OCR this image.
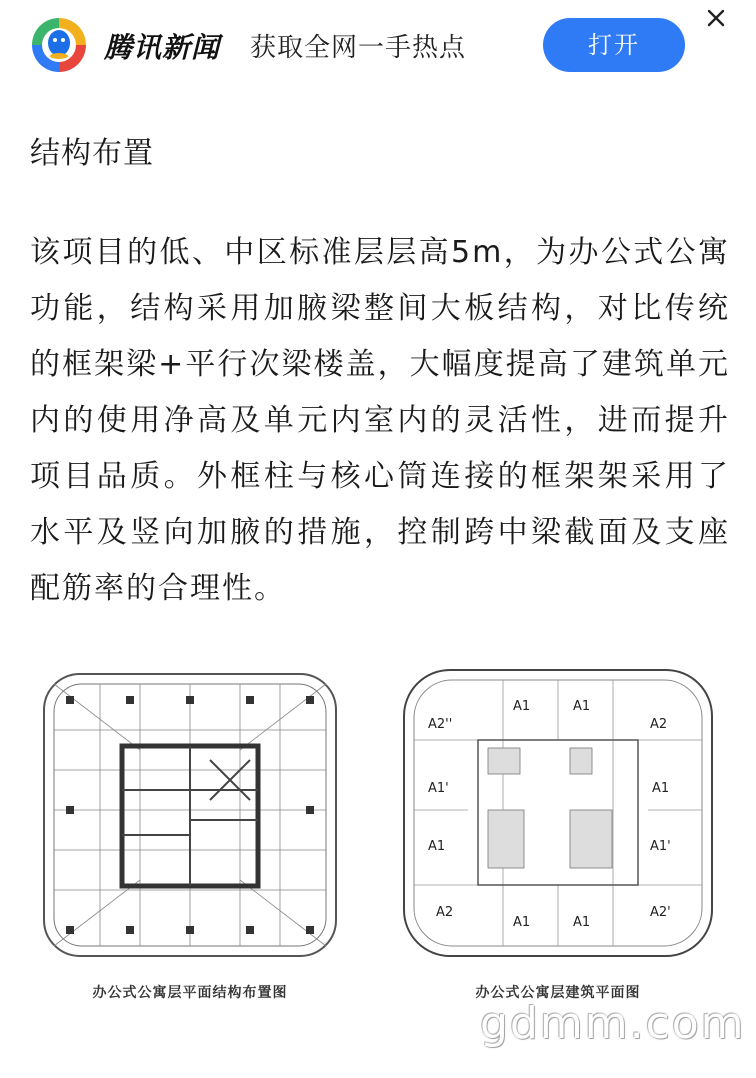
腾讯新闻 获取全网一手热点	打开
结构布置
该项目的低、中区标准层层高5m，为办公式公寓功能，结构采用加腋梁整间大板结构，对比传统的框架梁+平行次梁楼盖，大幅度提高了建筑单元内的使用净高及单元内室内的灵活性，进而提升项目品质。外框柱与核心筒连接的框架架采用了水平及竖向加腋的措施，控制跨中梁截面及支座配筋率的合理性。
办公式公寓层平面结构布置图
A1	A1
A2''	A2
A1'	A1
A1	A1'
A2
A1	A1
A2'
办公式公寓层建筑平面图
gdmm.com
